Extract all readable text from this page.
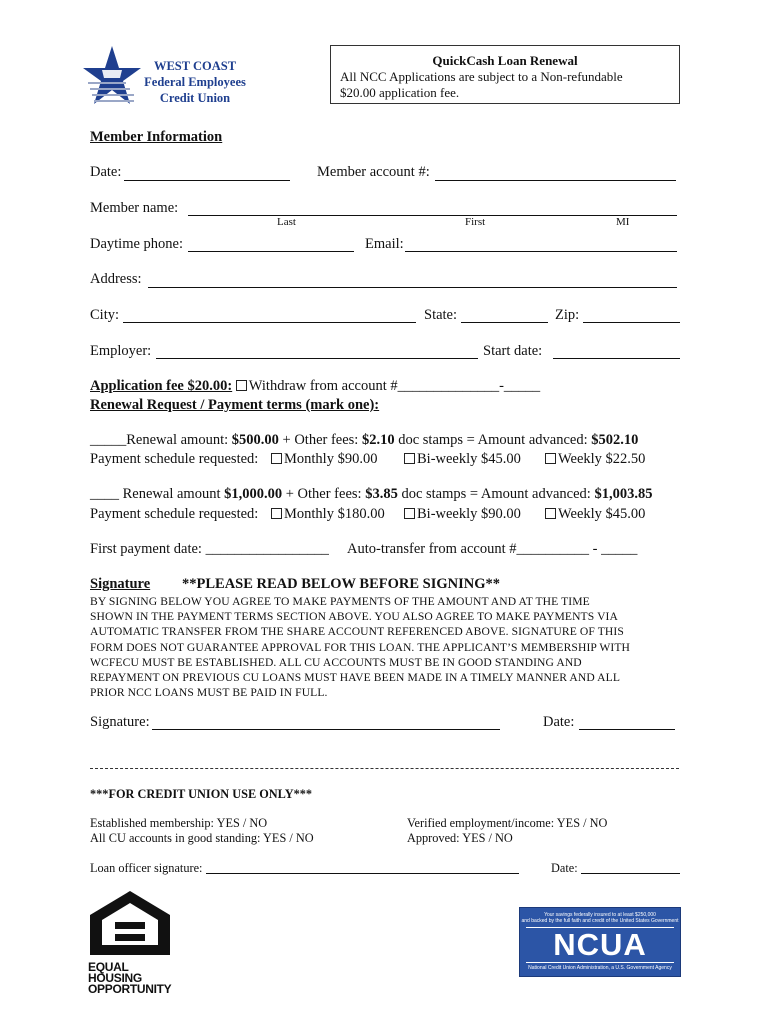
WEST COAST
Federal Employees
Credit Union
QuickCash Loan Renewal
All NCC Applications are subject to a Non-refundable
$20.00 application fee.
Member Information
Date:	Member account #:
Member name:
Last	First	MI
Daytime phone:	Email:
Address:
City:	State:	Zip:
Employer:	Start date:
Application fee $20.00: Withdraw from account #______________-_____
Renewal Request / Payment terms (mark one):
_____Renewal amount: $500.00 + Other fees: $2.10 doc stamps = Amount advanced: $502.10
Payment schedule requested:	Monthly $90.00	Bi-weekly $45.00	Weekly $22.50
____ Renewal amount $1,000.00 + Other fees: $3.85 doc stamps = Amount advanced: $1,003.85
Payment schedule requested:	Monthly $180.00	Bi-weekly $90.00	Weekly $45.00
First payment date: _________________ Auto-transfer from account #__________ - _____
Signature **PLEASE READ BELOW BEFORE SIGNING**
BY SIGNING BELOW YOU AGREE TO MAKE PAYMENTS OF THE AMOUNT AND AT THE TIME
SHOWN IN THE PAYMENT TERMS SECTION ABOVE. YOU ALSO AGREE TO MAKE PAYMENTS VIA
AUTOMATIC TRANSFER FROM THE SHARE ACCOUNT REFERENCED ABOVE. SIGNATURE OF THIS
FORM DOES NOT GUARANTEE APPROVAL FOR THIS LOAN. THE APPLICANT’S MEMBERSHIP WITH
WCFECU MUST BE ESTABLISHED. ALL CU ACCOUNTS MUST BE IN GOOD STANDING AND
REPAYMENT ON PREVIOUS CU LOANS MUST HAVE BEEN MADE IN A TIMELY MANNER AND ALL
PRIOR NCC LOANS MUST BE PAID IN FULL.
Signature:	Date:
***FOR CREDIT UNION USE ONLY***
Established membership: YES / NO
All CU accounts in good standing: YES / NO
Verified employment/income: YES / NO
Approved: YES / NO
Loan officer signature:	Date:
EQUAL HOUSING
OPPORTUNITY
Your savings federally insured to at least $250,000
and backed by the full faith and credit of the United States Government
NCUA
National Credit Union Administration, a U.S. Government Agency
